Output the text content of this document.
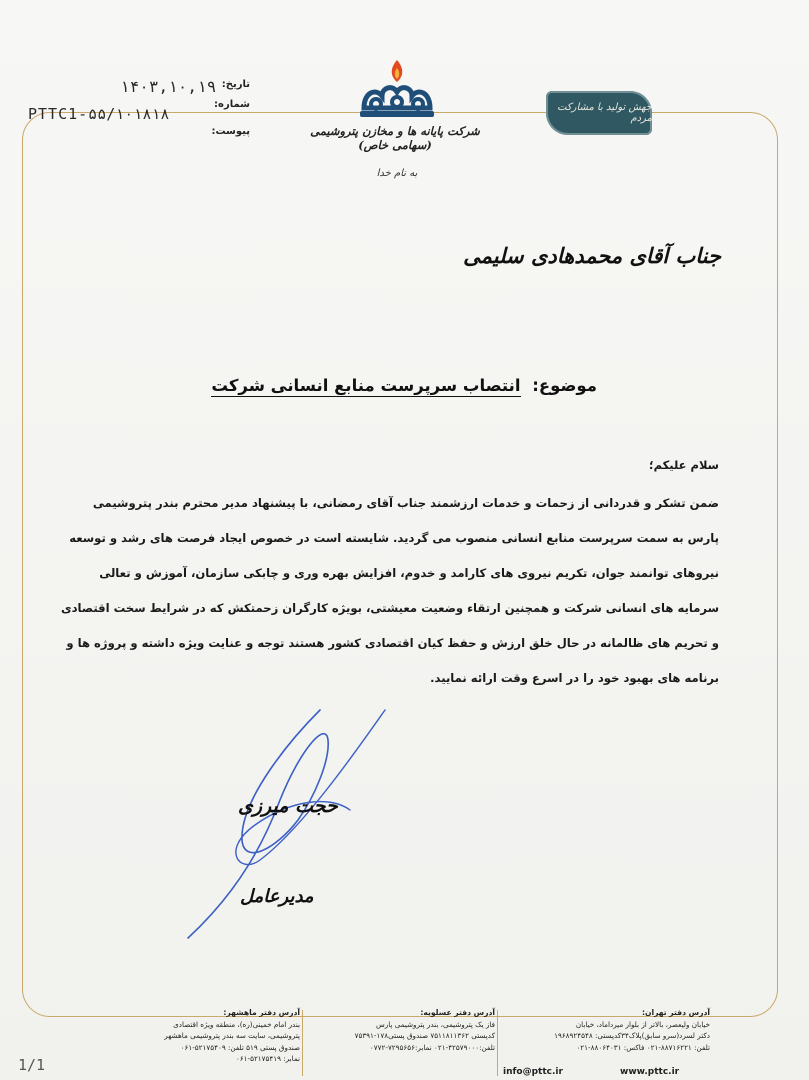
تاریخ:
۱۴۰۳,۱۰,۱۹
شماره:
PTTC1-۵۵/۱۰۱۸۱۸
پیوست:	شرکت پایانه ها و مخازن پتروشیمی (سهامی خاص)
به نام خدا
جهش تولید با مشارکت مردم
جناب آقای محمدهادی سلیمی
موضوع: انتصاب سرپرست منابع انسانی شرکت
سلام علیکم؛
ضمن تشکر و قدردانی از زحمات و خدمات ارزشمند جناب آقای رمضانی، با پیشنهاد مدیر محترم بندر پتروشیمی
پارس به سمت سرپرست منابع انسانی منصوب می گردید. شایسته است در خصوص ایجاد فرصت های رشد و توسعه
نیروهای توانمند جوان، تکریم نیروی های کارامد و خدوم، افزایش بهره وری و چابکی سازمان، آموزش و تعالی
سرمایه های انسانی شرکت و همچنین ارتقاء وضعیت معیشتی، بویژه کارگران زحمتکش که در شرایط سخت اقتصادی
و تحریم های ظالمانه در حال خلق ارزش و حفظ کیان اقتصادی کشور هستند توجه و عنایت ویژه داشته و پروژه ها و
برنامه های بهبود خود را در اسرع وقت ارائه نمایید.
حجت میرزی
مدیرعامل
آدرس دفتر تهران:
خیابان ولیعصر، بالاتر از بلوار میرداماد، خیابان
دکتر لسرد(سرو سابق)پلاک۳۴کدپستی: ۱۹۶۸۹۲۴۵۴۸
تلفن: ۸۸۷۱۶۲۲۱-۰۲۱ فاکس: ۸۸۰۶۴۰۳۱-۰۲۱
آدرس دفتر عسلویه:
فاز یک پتروشیمی، بندر پتروشیمی پارس
کدپستی ۷۵۱۱۸۱۱۳۶۲ صندوق پستی۱۷۸-۷۵۳۹۱
تلفن:۴۲۵۷۹۰۰۰-۰۲۱ نمابر:۷۲۹۵۶۵۶-۰۷۷۲
آدرس دفتر ماهشهر:
بندر امام خمینی(ره)، منطقه ویژه اقتصادی
پتروشیمی، سایت سه بندر پتروشیمی ماهشهر
صندوق پستی ۵۱۹ تلفن: ۵۲۱۷۵۴۰۹-۰۶۱
نمابر: ۵۲۱۷۵۴۱۹-۰۶۱
www.pttc.ir
info@pttc.ir
1/1
